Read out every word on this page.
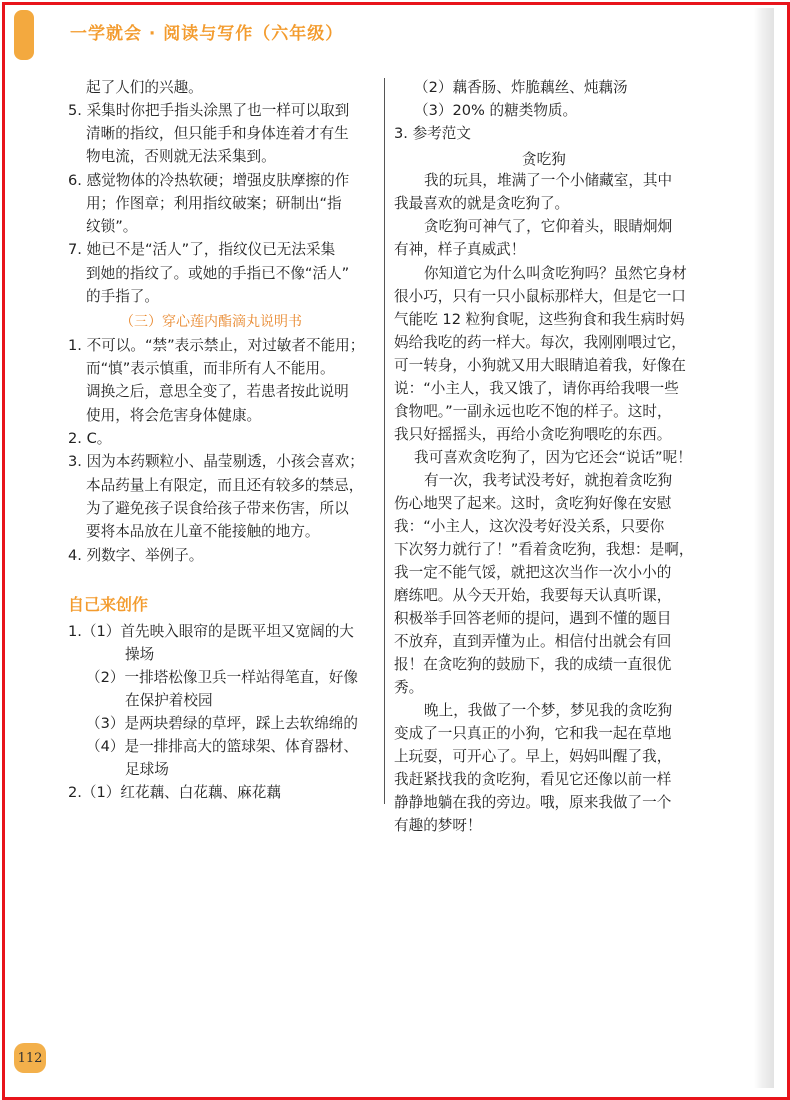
一学就会 · 阅读与写作（六年级）
起了人们的兴趣。
5. 采集时你把手指头涂黑了也一样可以取到
清晰的指纹，但只能手和身体连着才有生
物电流，否则就无法采集到。
6. 感觉物体的冷热软硬；增强皮肤摩擦的作
用；作图章；利用指纹破案；研制出“指
纹锁”。
7. 她已不是“活人”了，指纹仪已无法采集
到她的指纹了。或她的手指已不像“活人”
的手指了。
（三）穿心莲内酯滴丸说明书
1. 不可以。“禁”表示禁止，对过敏者不能用；
而“慎”表示慎重，而非所有人不能用。
调换之后，意思全变了，若患者按此说明
使用，将会危害身体健康。
2. C。
3. 因为本药颗粒小、晶莹剔透，小孩会喜欢；
本品药量上有限定，而且还有较多的禁忌，
为了避免孩子误食给孩子带来伤害，所以
要将本品放在儿童不能接触的地方。
4. 列数字、举例子。
自己来创作
1.（1）首先映入眼帘的是既平坦又宽阔的大
操场
（2）一排塔松像卫兵一样站得笔直，好像
在保护着校园
（3）是两块碧绿的草坪，踩上去软绵绵的
（4）是一排排高大的篮球架、体育器材、
足球场
2.（1）红花藕、白花藕、麻花藕
（2）藕香肠、炸脆藕丝、炖藕汤
（3）20% 的糖类物质。
3. 参考范文
贪吃狗
我的玩具，堆满了一个小储藏室，其中
我最喜欢的就是贪吃狗了。
贪吃狗可神气了，它仰着头，眼睛炯炯
有神，样子真威武！
你知道它为什么叫贪吃狗吗？虽然它身材
很小巧，只有一只小鼠标那样大，但是它一口
气能吃 12 粒狗食呢，这些狗食和我生病时妈
妈给我吃的药一样大。每次，我刚刚喂过它，
可一转身，小狗就又用大眼睛追着我，好像在
说：“小主人，我又饿了，请你再给我喂一些
食物吧。”一副永远也吃不饱的样子。这时，
我只好摇摇头，再给小贪吃狗喂吃的东西。
我可喜欢贪吃狗了，因为它还会“说话”呢！
有一次，我考试没考好，就抱着贪吃狗
伤心地哭了起来。这时，贪吃狗好像在安慰
我：“小主人，这次没考好没关系，只要你
下次努力就行了！”看着贪吃狗，我想：是啊，
我一定不能气馁，就把这次当作一次小小的
磨练吧。从今天开始，我要每天认真听课，
积极举手回答老师的提问，遇到不懂的题目
不放弃，直到弄懂为止。相信付出就会有回
报！在贪吃狗的鼓励下，我的成绩一直很优
秀。
晚上，我做了一个梦，梦见我的贪吃狗
变成了一只真正的小狗，它和我一起在草地
上玩耍，可开心了。早上，妈妈叫醒了我，
我赶紧找我的贪吃狗，看见它还像以前一样
静静地躺在我的旁边。哦，原来我做了一个
有趣的梦呀！
112
